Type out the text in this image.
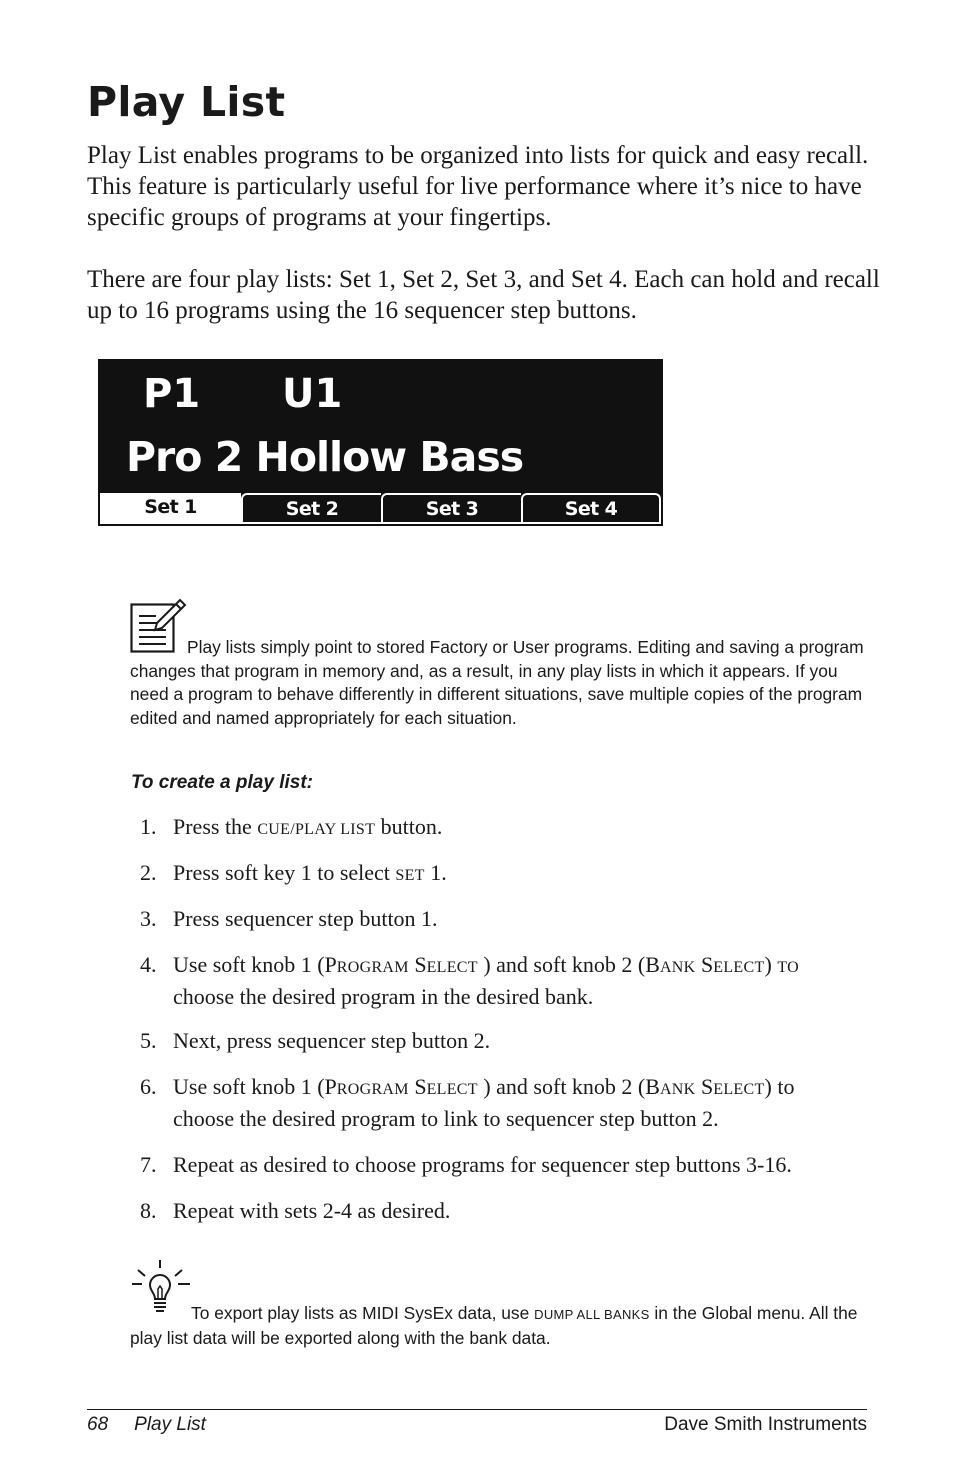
Play List
Play List enables programs to be organized into lists for quick and easy recall. This feature is particularly useful for live performance where it’s nice to have specific groups of programs at your fingertips.
There are four play lists: Set 1, Set 2, Set 3, and Set 4. Each can hold and recall up to 16 programs using the 16 sequencer step buttons.
P1 U1
Pro 2 Hollow Bass
Set 1	Set 2	Set 3	Set 4
Play lists simply point to stored Factory or User programs. Editing and saving a program changes that program in memory and, as a result, in any play lists in which it appears. If you need a program to behave differently in different situations, save multiple copies of the program edited and named appropriately for each situation.
To create a play list:
1. Press the CUE/PLAY LIST button.
2. Press soft key 1 to select SET 1.
3. Press sequencer step button 1.
4. Use soft knob 1 (PROGRAM SELECT ) and soft knob 2 (BANK SELECT) TO choose the desired program in the desired bank.
5. Next, press sequencer step button 2.
6. Use soft knob 1 (PROGRAM SELECT ) and soft knob 2 (BANK SELECT) to choose the desired program to link to sequencer step button 2.
7. Repeat as desired to choose programs for sequencer step buttons 3-16.
8. Repeat with sets 2-4 as desired.
To export play lists as MIDI SysEx data, use DUMP ALL BANKS in the Global menu. All the play list data will be exported along with the bank data.
68 Play List	Dave Smith Instruments
